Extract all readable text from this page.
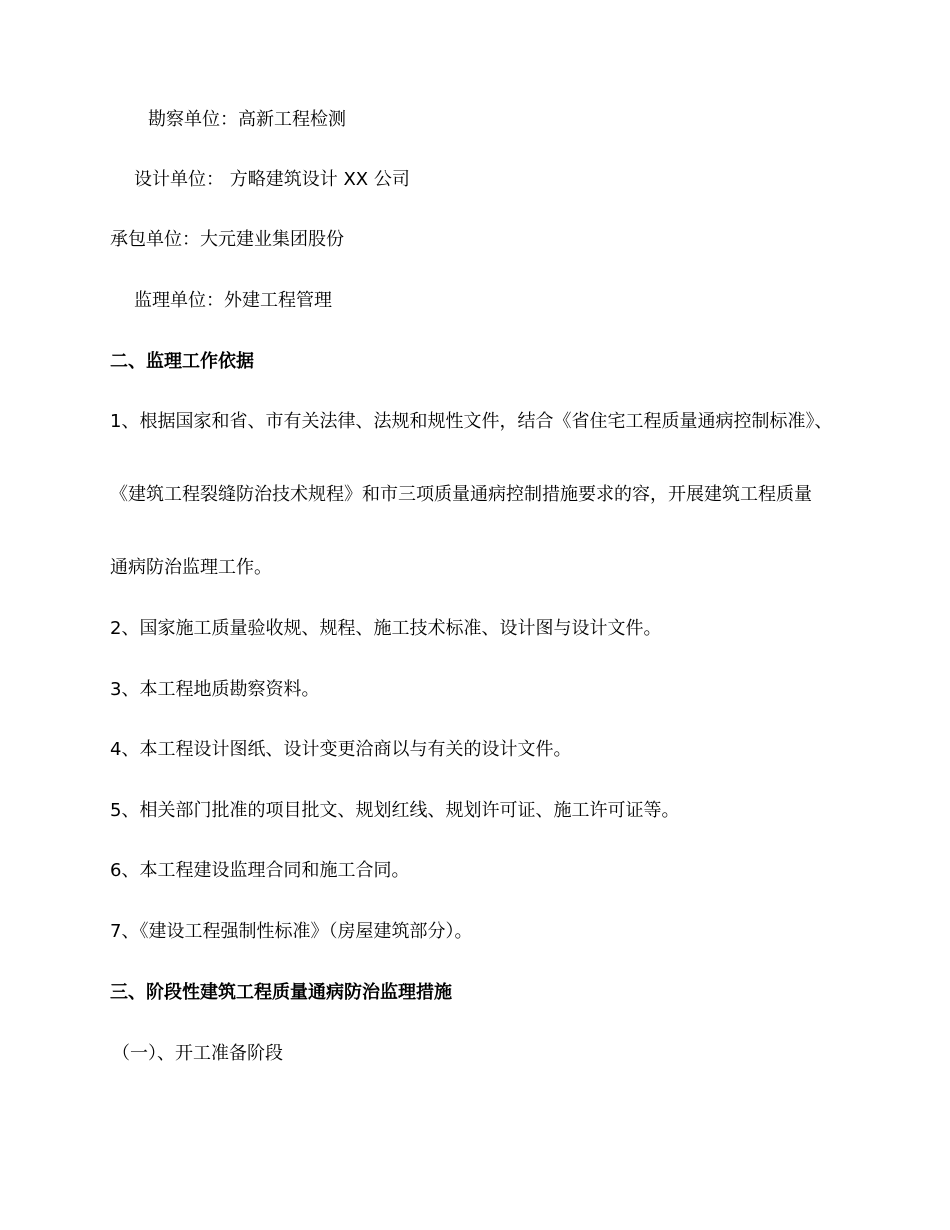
勘察单位：高新工程检测
设计单位： 方略建筑设计 XX 公司
承包单位：大元建业集团股份
监理单位：外建工程管理
二、监理工作依据
1、根据国家和省、市有关法律、法规和规性文件，结合《省住宅工程质量通病控制标准》、
《建筑工程裂缝防治技术规程》和市三项质量通病控制措施要求的容，开展建筑工程质量
通病防治监理工作。
2、国家施工质量验收规、规程、施工技术标准、设计图与设计文件。
3、本工程地质勘察资料。
4、本工程设计图纸、设计变更洽商以与有关的设计文件。
5、相关部门批准的项目批文、规划红线、规划许可证、施工许可证等。
6、本工程建设监理合同和施工合同。
7、《建设工程强制性标准》（房屋建筑部分）。
三、阶段性建筑工程质量通病防治监理措施
（一）、开工准备阶段
